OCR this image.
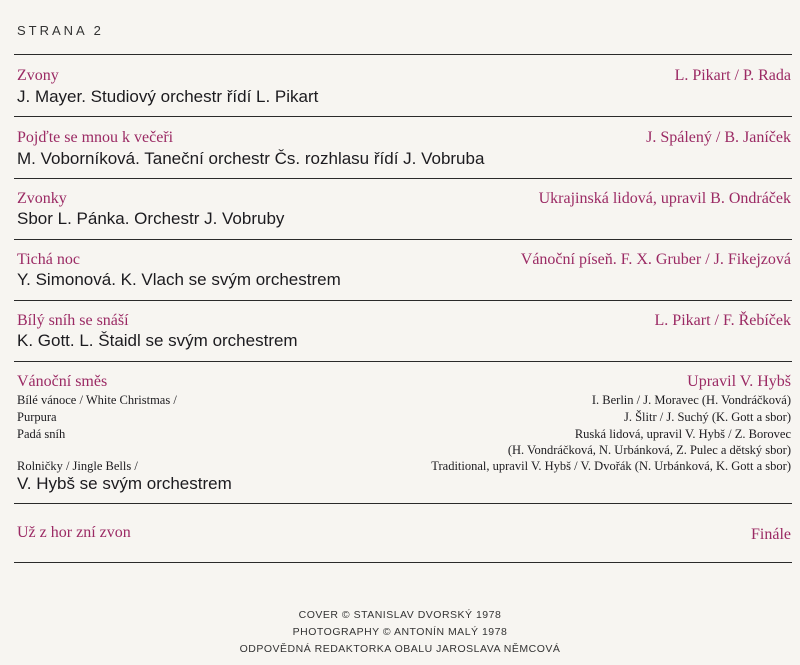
STRANA 2
Zvony	L. Pikart / P. Rada
J. Mayer. Studiový orchestr řídí L. Pikart
Pojďte se mnou k večeři	J. Spálený / B. Janíček
M. Voborníková. Taneční orchestr Čs. rozhlasu řídí J. Vobruba
Zvonky	Ukrajinská lidová, upravil B. Ondráček
Sbor L. Pánka. Orchestr J. Vobruby
Tichá noc	Vánoční píseň. F. X. Gruber / J. Fikejzová
Y. Simonová. K. Vlach se svým orchestrem
Bílý sníh se snáší	L. Pikart / F. Řebíček
K. Gott. L. Štaidl se svým orchestrem
Vánoční směs	Upravil V. Hybš
Bílé vánoce / White Christmas /	I. Berlin / J. Moravec (H. Vondráčková)
Purpura	J. Šlitr / J. Suchý (K. Gott a sbor)
Padá sníh	Ruská lidová, upravil V. Hybš / Z. Borovec
(H. Vondráčková, N. Urbánková, Z. Pulec a dětský sbor)
Rolničky / Jingle Bells /	Traditional, upravil V. Hybš / V. Dvořák (N. Urbánková, K. Gott a sbor)
V. Hybš se svým orchestrem
Už z hor zní zvon	Finále
COVER © STANISLAV DVORSKÝ 1978
PHOTOGRAPHY © ANTONÍN MALÝ 1978
ODPOVĚDNÁ REDAKTORKA OBALU JAROSLAVA NĚMCOVÁ
